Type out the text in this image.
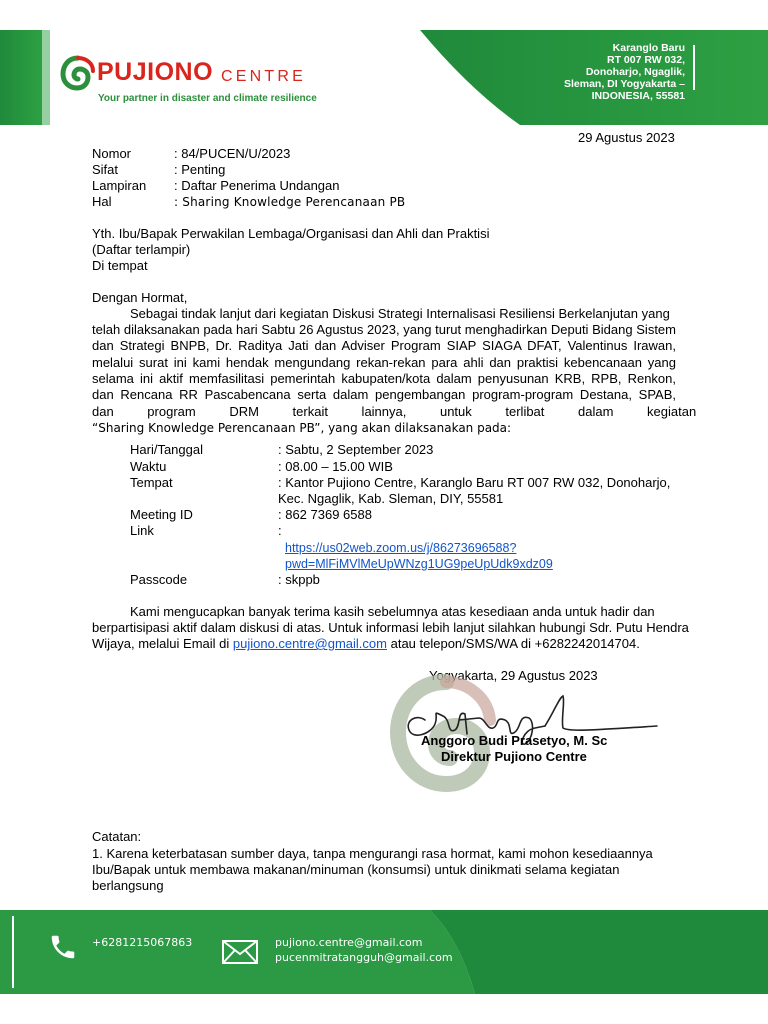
Karanglo Baru
RT 007 RW 032,
Donoharjo, Ngaglik,
Sleman, DI Yogyakarta –
INDONESIA, 55581
PUJIONO CENTRE
Your partner in disaster and climate resilience
29 Agustus 2023
Nomor	: 84/PUCEN/U/2023
Sifat	: Penting
Lampiran : Daftar Penerima Undangan
Hal	: Sharing Knowledge Perencanaan PB
Yth. Ibu/Bapak Perwakilan Lembaga/Organisasi dan Ahli dan Praktisi
(Daftar terlampir)
Di tempat
Dengan Hormat,
Sebagai tindak lanjut dari kegiatan Diskusi Strategi Internalisasi Resiliensi Berkelanjutan yang
telah dilaksanakan pada hari Sabtu 26 Agustus 2023, yang turut menghadirkan Deputi Bidang Sistem
dan Strategi BNPB, Dr. Raditya Jati dan Adviser Program SIAP SIAGA DFAT, Valentinus Irawan,
melalui surat ini kami hendak mengundang rekan-rekan para ahli dan praktisi kebencanaan yang
selama ini aktif memfasilitasi pemerintah kabupaten/kota dalam penyusunan KRB, RPB, Renkon,
dan Rencana RR Pascabencana serta dalam pengembangan program-program Destana, SPAB,
dan program DRM terkait lainnya, untuk terlibat dalam kegiatan
“Sharing Knowledge Perencanaan PB”, yang akan dilaksanakan pada:
Hari/Tanggal	: Sabtu, 2 September 2023
Waktu	: 08.00 – 15.00 WIB
Tempat	: Kantor Pujiono Centre, Karanglo Baru RT 007 RW 032, Donoharjo,
Kec. Ngaglik, Kab. Sleman, DIY, 55581
Meeting ID	: 862 7369 6588
Link	:
https://us02web.zoom.us/j/86273696588?
pwd=MlFiMVlMeUpWNzg1UG9peUpUdk9xdz09
Passcode	: skppb
Kami mengucapkan banyak terima kasih sebelumnya atas kesediaan anda untuk hadir dan
berpartisipasi aktif dalam diskusi di atas. Untuk informasi lebih lanjut silahkan hubungi Sdr. Putu Hendra
Wijaya, melalui Email di pujiono.centre@gmail.com atau telepon/SMS/WA di +6282242014704.
Yogyakarta, 29 Agustus 2023
Anggoro Budi Prasetyo, M. Sc
Direktur Pujiono Centre
Catatan:
1. Karena keterbatasan sumber daya, tanpa mengurangi rasa hormat, kami mohon kesediaannya
Ibu/Bapak untuk membawa makanan/minuman (konsumsi) untuk dinikmati selama kegiatan
berlangsung
+6281215067863	pujiono.centre@gmail.com
pucenmitratangguh@gmail.com
